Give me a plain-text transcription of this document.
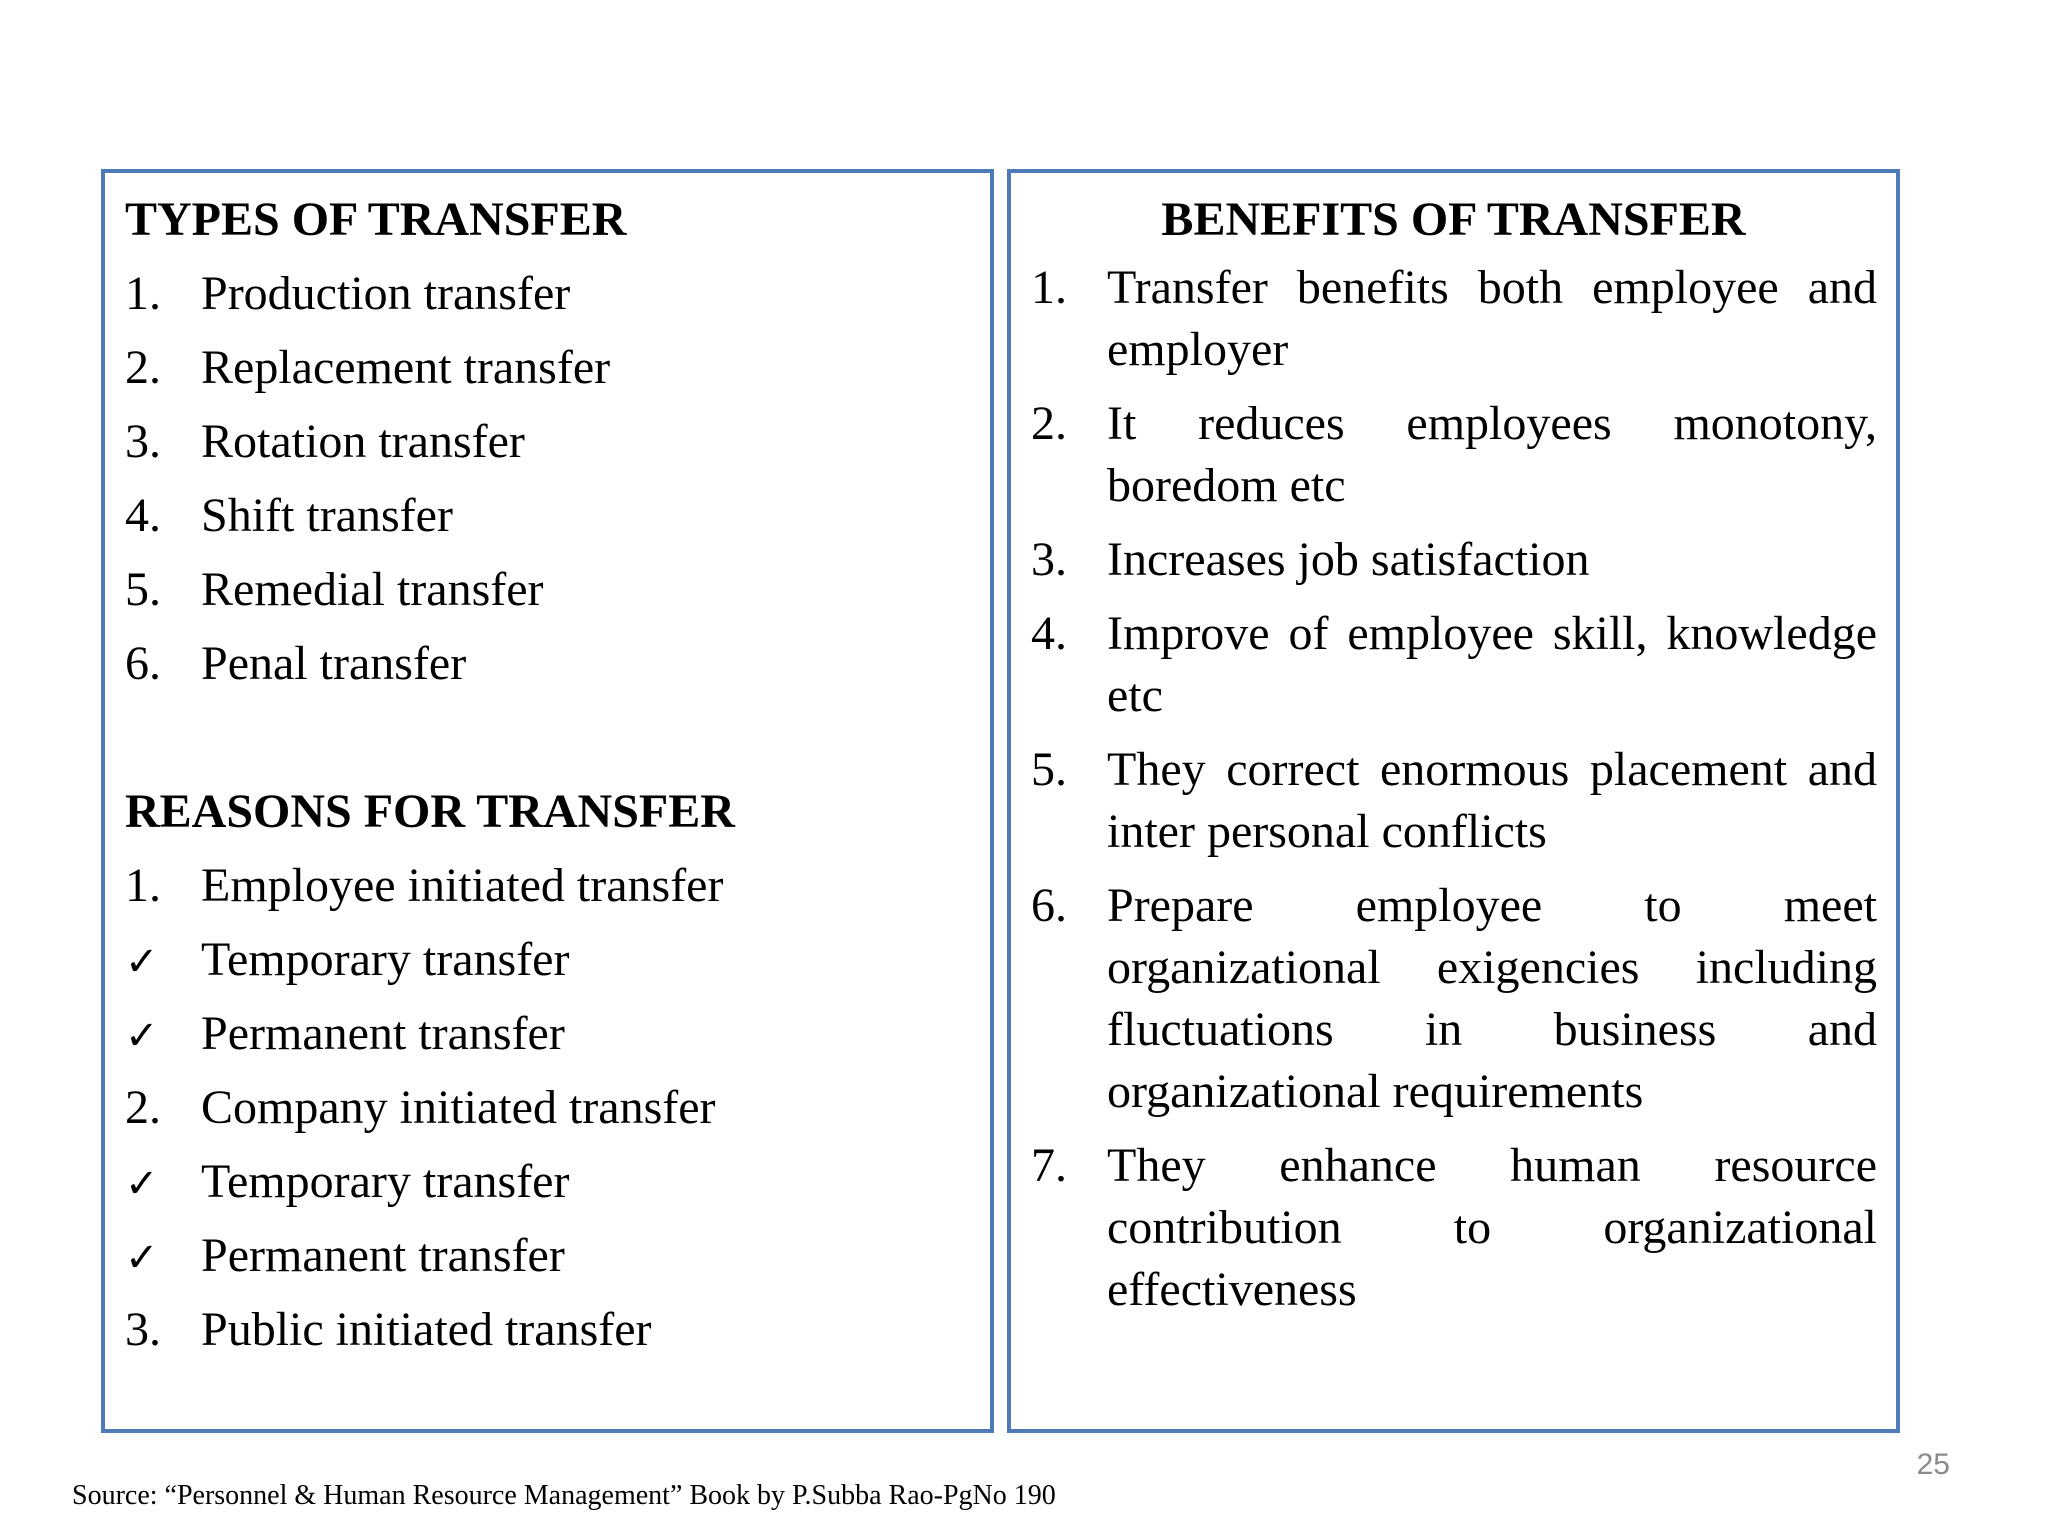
TYPES OF TRANSFER
1. Production transfer
2. Replacement transfer
3. Rotation transfer
4. Shift transfer
5. Remedial transfer
6. Penal transfer
REASONS FOR TRANSFER
1. Employee initiated transfer
✓ Temporary transfer
✓ Permanent transfer
2. Company initiated transfer
✓ Temporary transfer
✓ Permanent transfer
3. Public initiated transfer
BENEFITS OF TRANSFER
1. Transfer benefits both employee and employer
2. It reduces employees monotony, boredom etc
3. Increases job satisfaction
4. Improve of employee skill, knowledge etc
5. They correct enormous placement and inter personal conflicts
6. Prepare employee to meet organizational exigencies including fluctuations in business and organizational requirements
7. They enhance human resource contribution to organizational effectiveness
25
Source: “Personnel & Human Resource Management” Book by P.Subba Rao-PgNo 190
